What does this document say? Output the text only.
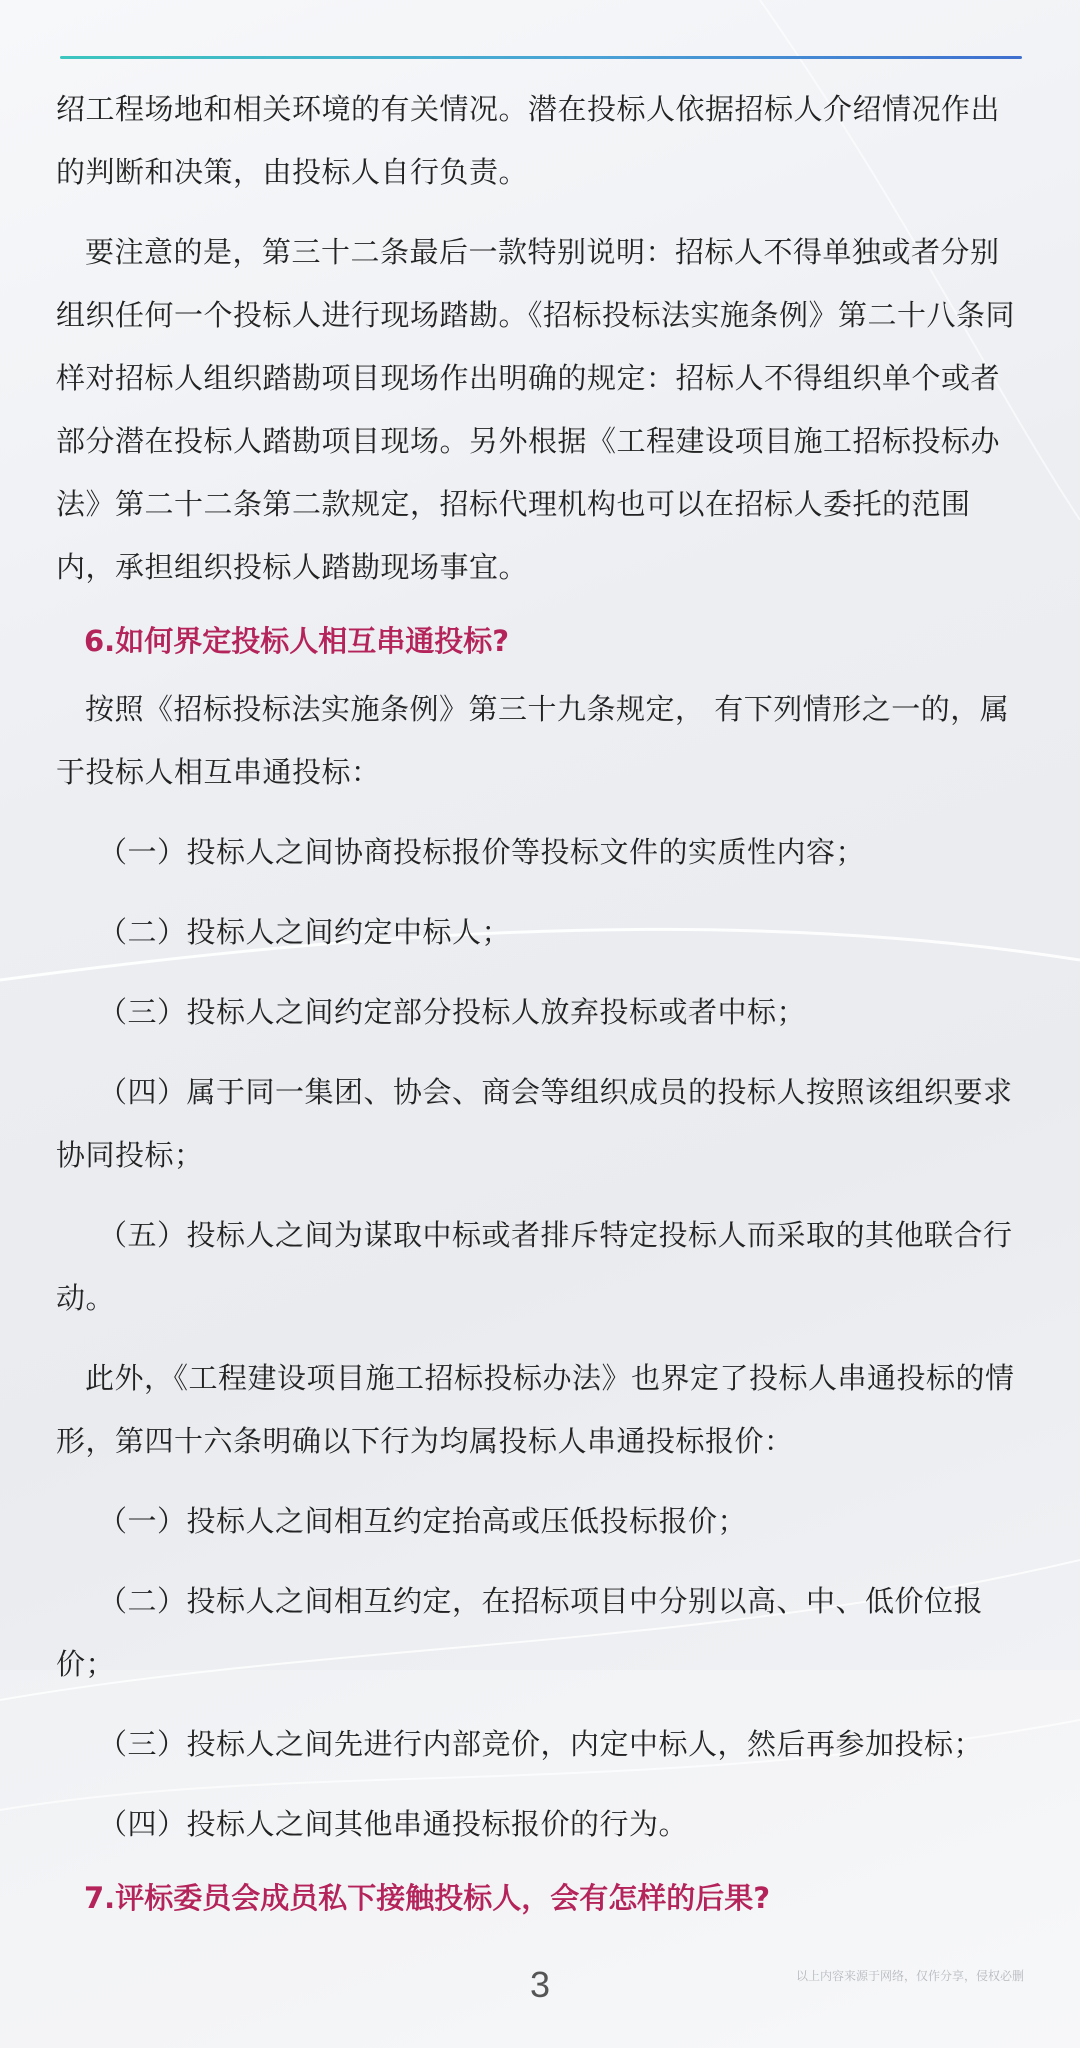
绍工程场地和相关环境的有关情况。潜在投标人依据招标人介绍情况作出的判断和决策，由投标人自行负责。

要注意的是，第三十二条最后一款特别说明：招标人不得单独或者分别组织任何一个投标人进行现场踏勘。《招标投标法实施条例》第二十八条同样对招标人组织踏勘项目现场作出明确的规定：招标人不得组织单个或者部分潜在投标人踏勘项目现场。另外根据《工程建设项目施工招标投标办法》第二十二条第二款规定，招标代理机构也可以在招标人委托的范围内，承担组织投标人踏勘现场事宜。

6.如何界定投标人相互串通投标?

按照《招标投标法实施条例》第三十九条规定， 有下列情形之一的，属于投标人相互串通投标：

（一）投标人之间协商投标报价等投标文件的实质性内容；

（二）投标人之间约定中标人；

（三）投标人之间约定部分投标人放弃投标或者中标；

（四）属于同一集团、协会、商会等组织成员的投标人按照该组织要求协同投标；

（五）投标人之间为谋取中标或者排斥特定投标人而采取的其他联合行动。

此外，《工程建设项目施工招标投标办法》也界定了投标人串通投标的情形，第四十六条明确以下行为均属投标人串通投标报价：

（一）投标人之间相互约定抬高或压低投标报价；

（二）投标人之间相互约定，在招标项目中分别以高、中、低价位报价；

（三）投标人之间先进行内部竞价，内定中标人，然后再参加投标；

（四）投标人之间其他串通投标报价的行为。

7.评标委员会成员私下接触投标人，会有怎样的后果?
3	以上内容来源于网络，仅作分享，侵权必删
